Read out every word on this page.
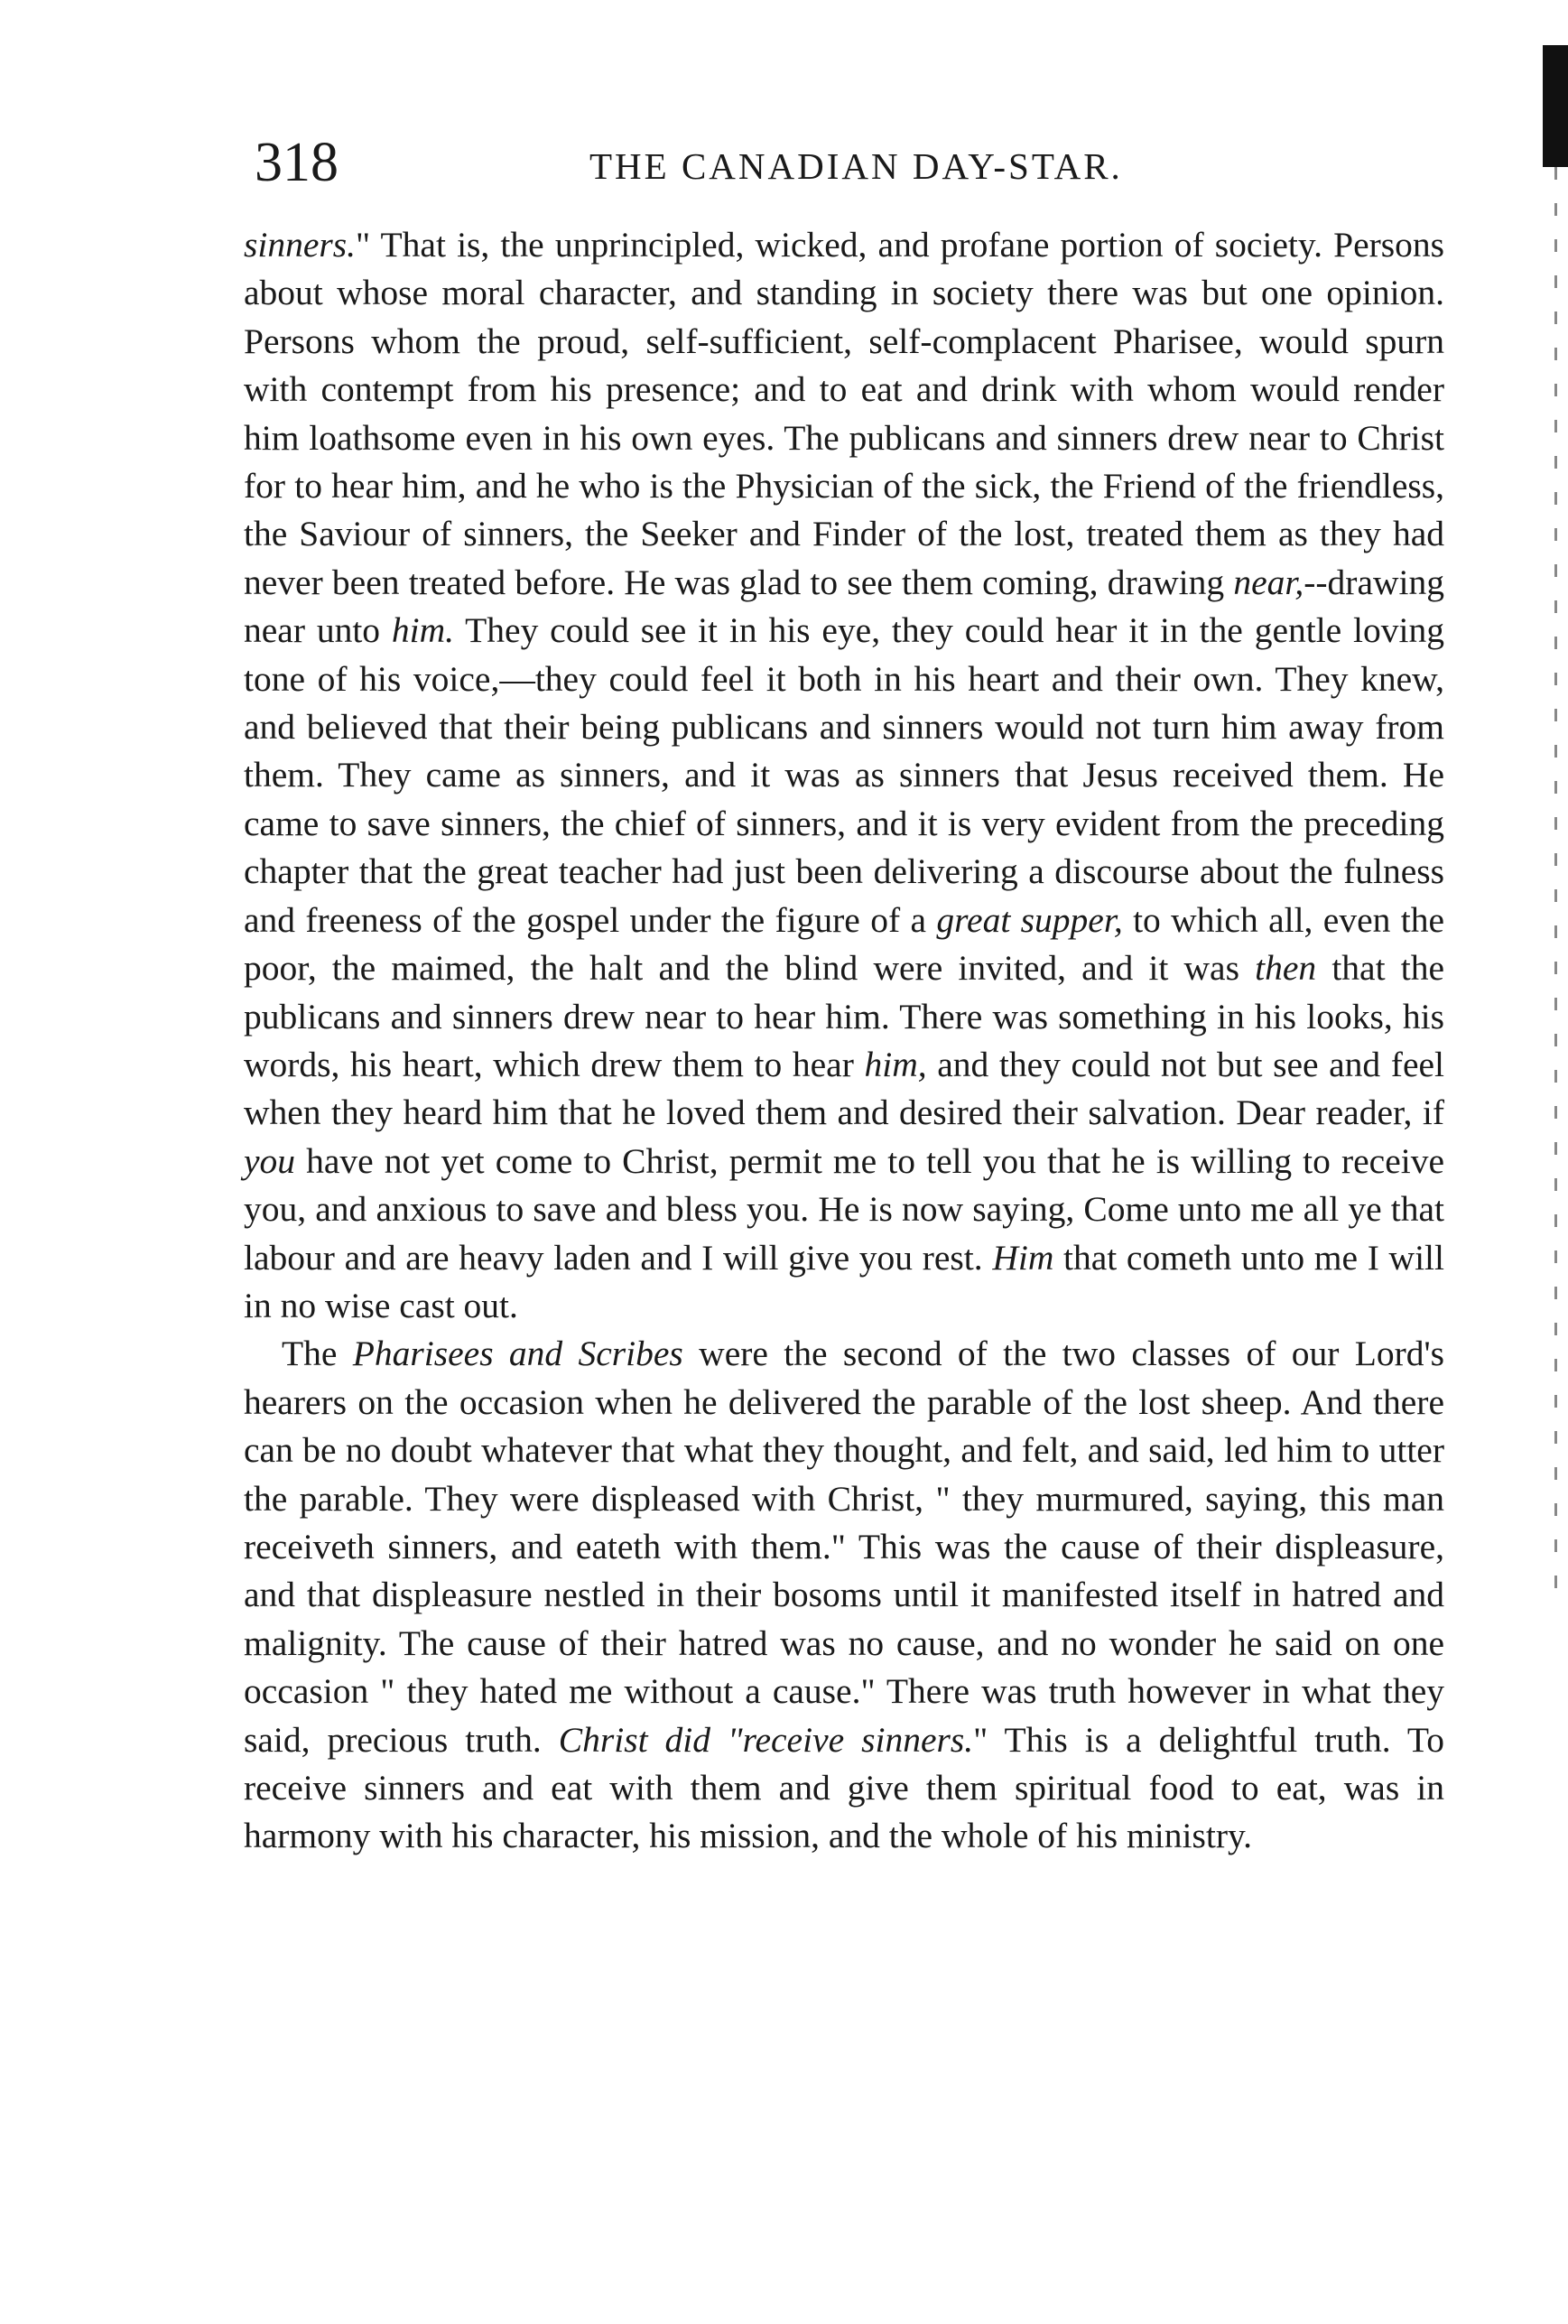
318	THE CANADIAN DAY-STAR.

sinners." That is, the unprincipled, wicked, and profane portion of society. Persons about whose moral character, and standing in society there was but one opinion. Persons whom the proud, self-sufficient, self-complacent Pharisee, would spurn with contempt from his presence; and to eat and drink with whom would render him loathsome even in his own eyes. The publicans and sinners drew near to Christ for to hear him, and he who is the Physician of the sick, the Friend of the friendless, the Saviour of sinners, the Seeker and Finder of the lost, treated them as they had never been treated before. He was glad to see them coming, drawing near,--drawing near unto him. They could see it in his eye, they could hear it in the gentle loving tone of his voice,—they could feel it both in his heart and their own. They knew, and believed that their being publicans and sinners would not turn him away from them. They came as sinners, and it was as sinners that Jesus received them. He came to save sinners, the chief of sinners, and it is very evident from the preceding chapter that the great teacher had just been delivering a discourse about the fulness and freeness of the gospel under the figure of a great supper, to which all, even the poor, the maimed, the halt and the blind were invited, and it was then that the publicans and sinners drew near to hear him. There was something in his looks, his words, his heart, which drew them to hear him, and they could not but see and feel when they heard him that he loved them and desired their salvation. Dear reader, if you have not yet come to Christ, permit me to tell you that he is willing to receive you, and anxious to save and bless you. He is now saying, Come unto me all ye that labour and are heavy laden and I will give you rest. Him that cometh unto me I will in no wise cast out.

The Pharisees and Scribes were the second of the two classes of our Lord's hearers on the occasion when he delivered the parable of the lost sheep. And there can be no doubt whatever that what they thought, and felt, and said, led him to utter the parable. They were displeased with Christ, " they murmured, saying, this man receiveth sinners, and eateth with them." This was the cause of their displeasure, and that displeasure nestled in their bosoms until it manifested itself in hatred and malignity. The cause of their hatred was no cause, and no wonder he said on one occasion " they hated me without a cause." There was truth however in what they said, precious truth. Christ did "receive sinners." This is a delightful truth. To receive sinners and eat with them and give them spiritual food to eat, was in harmony with his character, his mission, and the whole of his ministry.
